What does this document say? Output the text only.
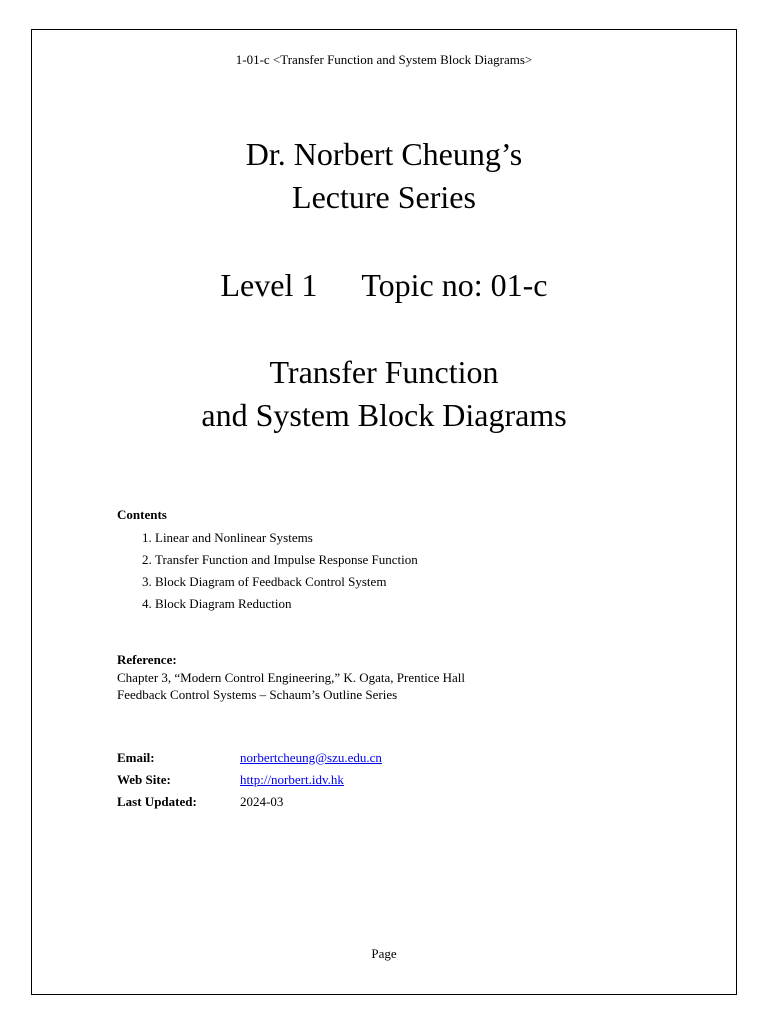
1-01-c <Transfer Function and System Block Diagrams>
Dr. Norbert Cheung’s
Lecture Series
Level 1 Topic no: 01-c
Transfer Function
and System Block Diagrams
Contents
1. Linear and Nonlinear Systems
2. Transfer Function and Impulse Response Function
3. Block Diagram of Feedback Control System
4. Block Diagram Reduction
Reference:
Chapter 3, “Modern Control Engineering,” K. Ogata, Prentice Hall
Feedback Control Systems – Schaum’s Outline Series
Email:	norbertcheung@szu.edu.cn
Web Site:	http://norbert.idv.hk
Last Updated:	2024-03
Page
